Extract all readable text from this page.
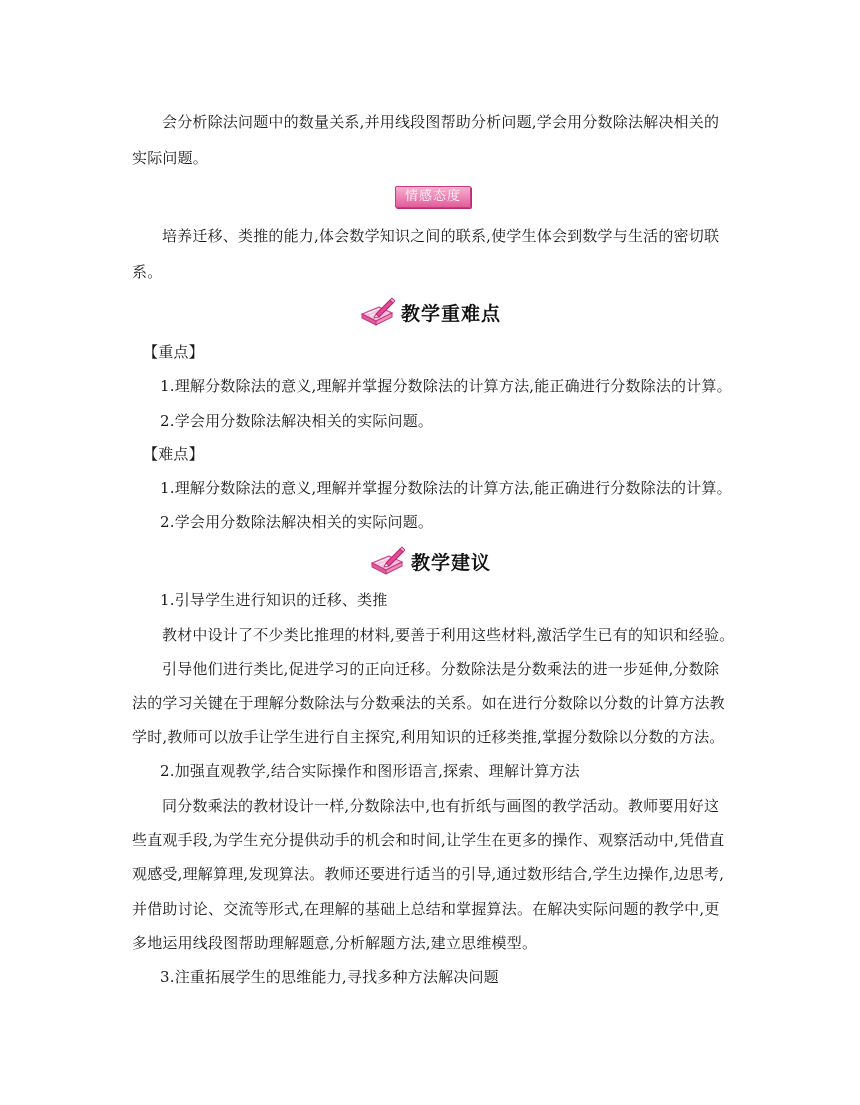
会分析除法问题中的数量关系,并用线段图帮助分析问题,学会用分数除法解决相关的
实际问题。
情感态度
培养迁移、类推的能力,体会数学知识之间的联系,使学生体会到数学与生活的密切联
系。
教学重难点
【重点】
1.理解分数除法的意义,理解并掌握分数除法的计算方法,能正确进行分数除法的计算。
2.学会用分数除法解决相关的实际问题。
【难点】
1.理解分数除法的意义,理解并掌握分数除法的计算方法,能正确进行分数除法的计算。
2.学会用分数除法解决相关的实际问题。
教学建议
1.引导学生进行知识的迁移、类推
教材中设计了不少类比推理的材料,要善于利用这些材料,激活学生已有的知识和经验。
引导他们进行类比,促进学习的正向迁移。分数除法是分数乘法的进一步延伸,分数除
法的学习关键在于理解分数除法与分数乘法的关系。如在进行分数除以分数的计算方法教
学时,教师可以放手让学生进行自主探究,利用知识的迁移类推,掌握分数除以分数的方法。
2.加强直观教学,结合实际操作和图形语言,探索、理解计算方法
同分数乘法的教材设计一样,分数除法中,也有折纸与画图的教学活动。教师要用好这
些直观手段,为学生充分提供动手的机会和时间,让学生在更多的操作、观察活动中,凭借直
观感受,理解算理,发现算法。教师还要进行适当的引导,通过数形结合,学生边操作,边思考,
并借助讨论、交流等形式,在理解的基础上总结和掌握算法。在解决实际问题的教学中,更
多地运用线段图帮助理解题意,分析解题方法,建立思维模型。
3.注重拓展学生的思维能力,寻找多种方法解决问题
